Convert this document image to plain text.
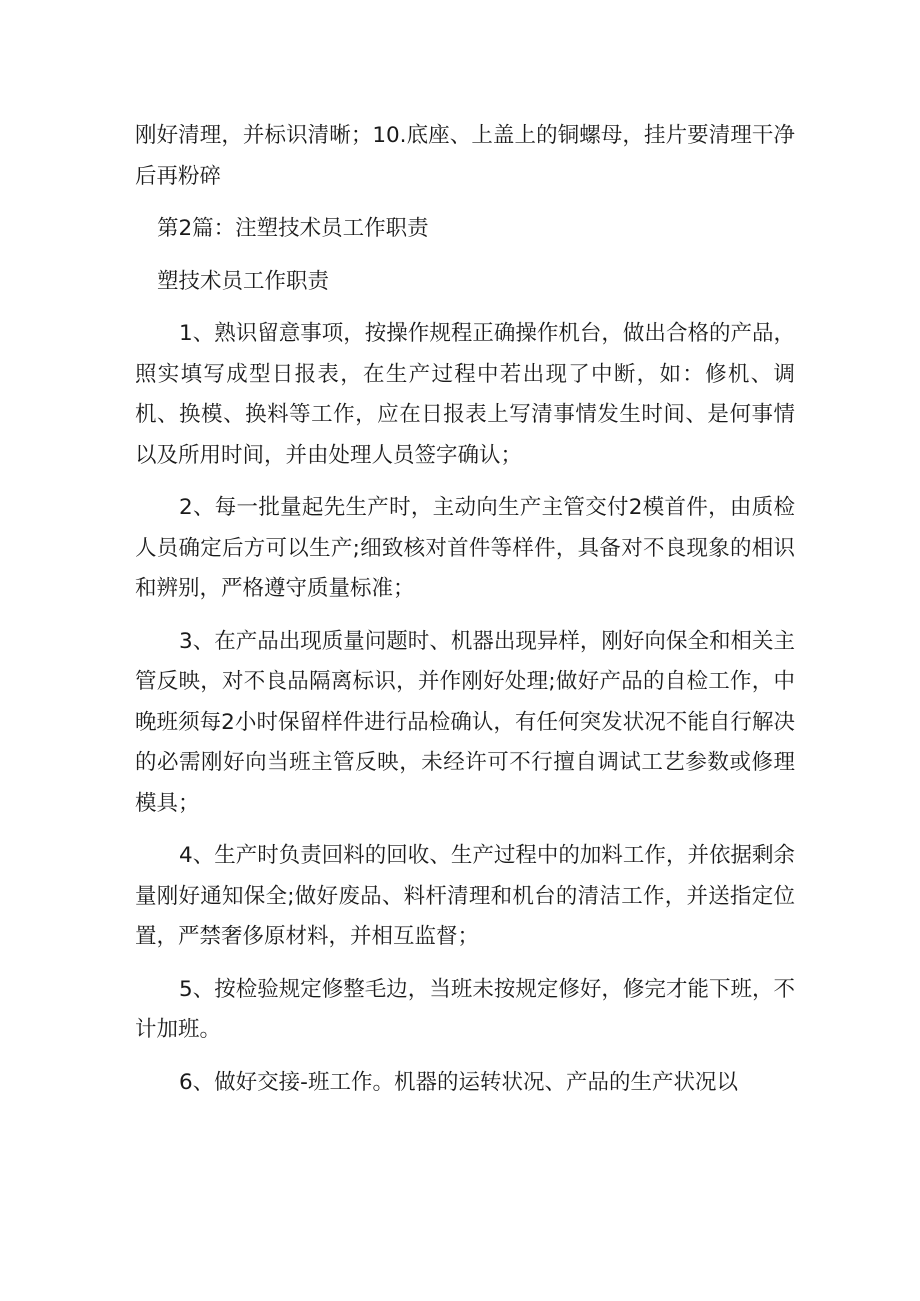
刚好清理，并标识清晰；10.底座、上盖上的铜螺母，挂片要清理干净后再粉碎

第2篇：注塑技术员工作职责

塑技术员工作职责

1、熟识留意事项，按操作规程正确操作机台，做出合格的产品，照实填写成型日报表，在生产过程中若出现了中断，如：修机、调机、换模、换料等工作，应在日报表上写清事情发生时间、是何事情以及所用时间，并由处理人员签字确认；

2、每一批量起先生产时，主动向生产主管交付2模首件，由质检人员确定后方可以生产;细致核对首件等样件，具备对不良现象的相识和辨别，严格遵守质量标准；

3、在产品出现质量问题时、机器出现异样，刚好向保全和相关主管反映，对不良品隔离标识，并作刚好处理;做好产品的自检工作，中晚班须每2小时保留样件进行品检确认，有任何突发状况不能自行解决的必需刚好向当班主管反映，未经许可不行擅自调试工艺参数或修理模具；

4、生产时负责回料的回收、生产过程中的加料工作，并依据剩余量刚好通知保全;做好废品、料杆清理和机台的清洁工作，并送指定位置，严禁奢侈原材料，并相互监督；

5、按检验规定修整毛边，当班未按规定修好，修完才能下班，不计加班。

6、做好交接-班工作。机器的运转状况、产品的生产状况以
